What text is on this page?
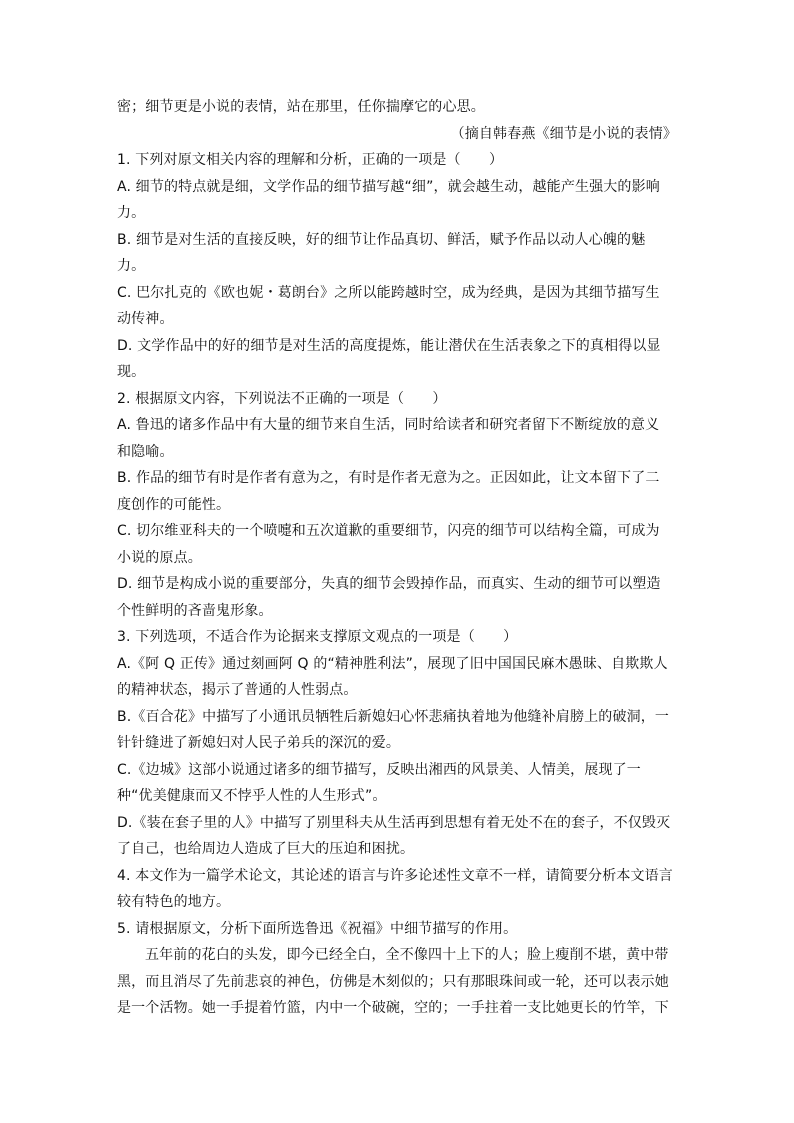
密；细节更是小说的表情，站在那里，任你揣摩它的心思。

（摘自韩春燕《细节是小说的表情》

1. 下列对原文相关内容的理解和分析，正确的一项是（　　）

A. 细节的特点就是细，文学作品的细节描写越“细”，就会越生动，越能产生强大的影响力。

B. 细节是对生活的直接反映，好的细节让作品真切、鲜活，赋予作品以动人心魄的魅力。

C. 巴尔扎克的《欧也妮・葛朗台》之所以能跨越时空，成为经典，是因为其细节描写生动传神。

D. 文学作品中的好的细节是对生活的高度提炼，能让潜伏在生活表象之下的真相得以显现。

2. 根据原文内容，下列说法不正确的一项是（　　）

A. 鲁迅的诸多作品中有大量的细节来自生活，同时给读者和研究者留下不断绽放的意义和隐喻。

B. 作品的细节有时是作者有意为之，有时是作者无意为之。正因如此，让文本留下了二度创作的可能性。

C. 切尔维亚科夫的一个喷嚏和五次道歉的重要细节，闪亮的细节可以结构全篇，可成为小说的原点。

D. 细节是构成小说的重要部分，失真的细节会毁掉作品，而真实、生动的细节可以塑造个性鲜明的吝啬鬼形象。

3. 下列选项，不适合作为论据来支撑原文观点的一项是（　　）

A.《阿 Q 正传》通过刻画阿 Q 的“精神胜利法”，展现了旧中国国民麻木愚昧、自欺欺人的精神状态，揭示了普通的人性弱点。

B.《百合花》中描写了小通讯员牺牲后新媳妇心怀悲痛执着地为他缝补肩膀上的破洞，一针针缝进了新媳妇对人民子弟兵的深沉的爱。

C.《边城》这部小说通过诸多的细节描写，反映出湘西的风景美、人情美，展现了一种“优美健康而又不悖乎人性的人生形式”。

D.《装在套子里的人》中描写了别里科夫从生活再到思想有着无处不在的套子，不仅毁灭了自己，也给周边人造成了巨大的压迫和困扰。

4. 本文作为一篇学术论文，其论述的语言与许多论述性文章不一样，请简要分析本文语言较有特色的地方。

5. 请根据原文，分析下面所选鲁迅《祝福》中细节描写的作用。

五年前的花白的头发，即今已经全白，全不像四十上下的人；脸上瘦削不堪，黄中带黑，而且消尽了先前悲哀的神色，仿佛是木刻似的；只有那眼珠间或一轮，还可以表示她是一个活物。她一手提着竹篮，内中一个破碗，空的；一手拄着一支比她更长的竹竿，下
